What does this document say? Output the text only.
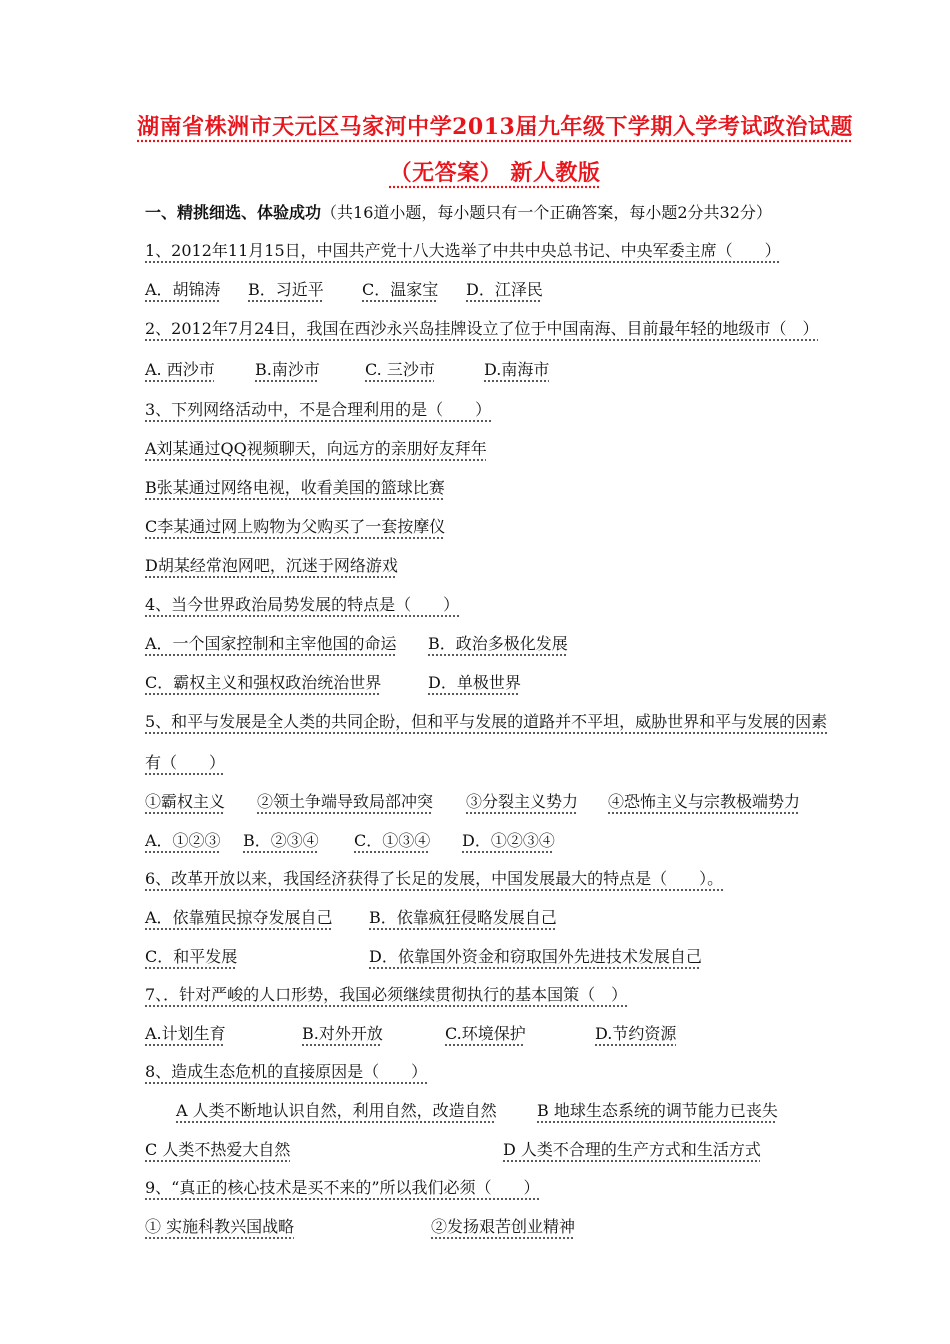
湖南省株洲市天元区马家河中学2013届九年级下学期入学考试政治试题
（无答案） 新人教版
一、精挑细选、体验成功（共16道小题，每小题只有一个正确答案，每小题2分共32分）
1、2012年11月15日，中国共产党十八大选举了中共中央总书记、中央军委主席（　　）
A．胡锦涛 B．习近平 C．温家宝 D．江泽民
2、2012年7月24日，我国在西沙永兴岛挂牌设立了位于中国南海、目前最年轻的地级市（　）
A. 西沙市	B.南沙市	C. 三沙市	D.南海市
3、下列网络活动中，不是合理利用的是（　　）
A刘某通过QQ视频聊天，向远方的亲朋好友拜年
B张某通过网络电视，收看美国的篮球比赛
C李某通过网上购物为父购买了一套按摩仪
D胡某经常泡网吧，沉迷于网络游戏
4、当今世界政治局势发展的特点是（　　）
A．一个国家控制和主宰他国的命运 B．政治多极化发展
C．霸权主义和强权政治统治世界	D．单极世界
5、和平与发展是全人类的共同企盼，但和平与发展的道路并不平坦，威胁世界和平与发展的因素
有（　　）
①霸权主义 ②领土争端导致局部冲突 ③分裂主义势力 ④恐怖主义与宗教极端势力
A．①②③ B．②③④ C．①③④ D．①②③④
6、改革开放以来，我国经济获得了长足的发展，中国发展最大的特点是（　　）。
A．依靠殖民掠夺发展自己 B．依靠疯狂侵略发展自己
C．和平发展	D．依靠国外资金和窃取国外先进技术发展自己
7、．针对严峻的人口形势，我国必须继续贯彻执行的基本国策（　）
A.计划生育	B.对外开放	C.环境保护	D.节约资源
8、造成生态危机的直接原因是（　　）
A 人类不断地认识自然，利用自然，改造自然	B 地球生态系统的调节能力已丧失
C 人类不热爱大自然	D 人类不合理的生产方式和生活方式
9、“真正的核心技术是买不来的”所以我们必须（　　）
① 实施科教兴国战略	②发扬艰苦创业精神
